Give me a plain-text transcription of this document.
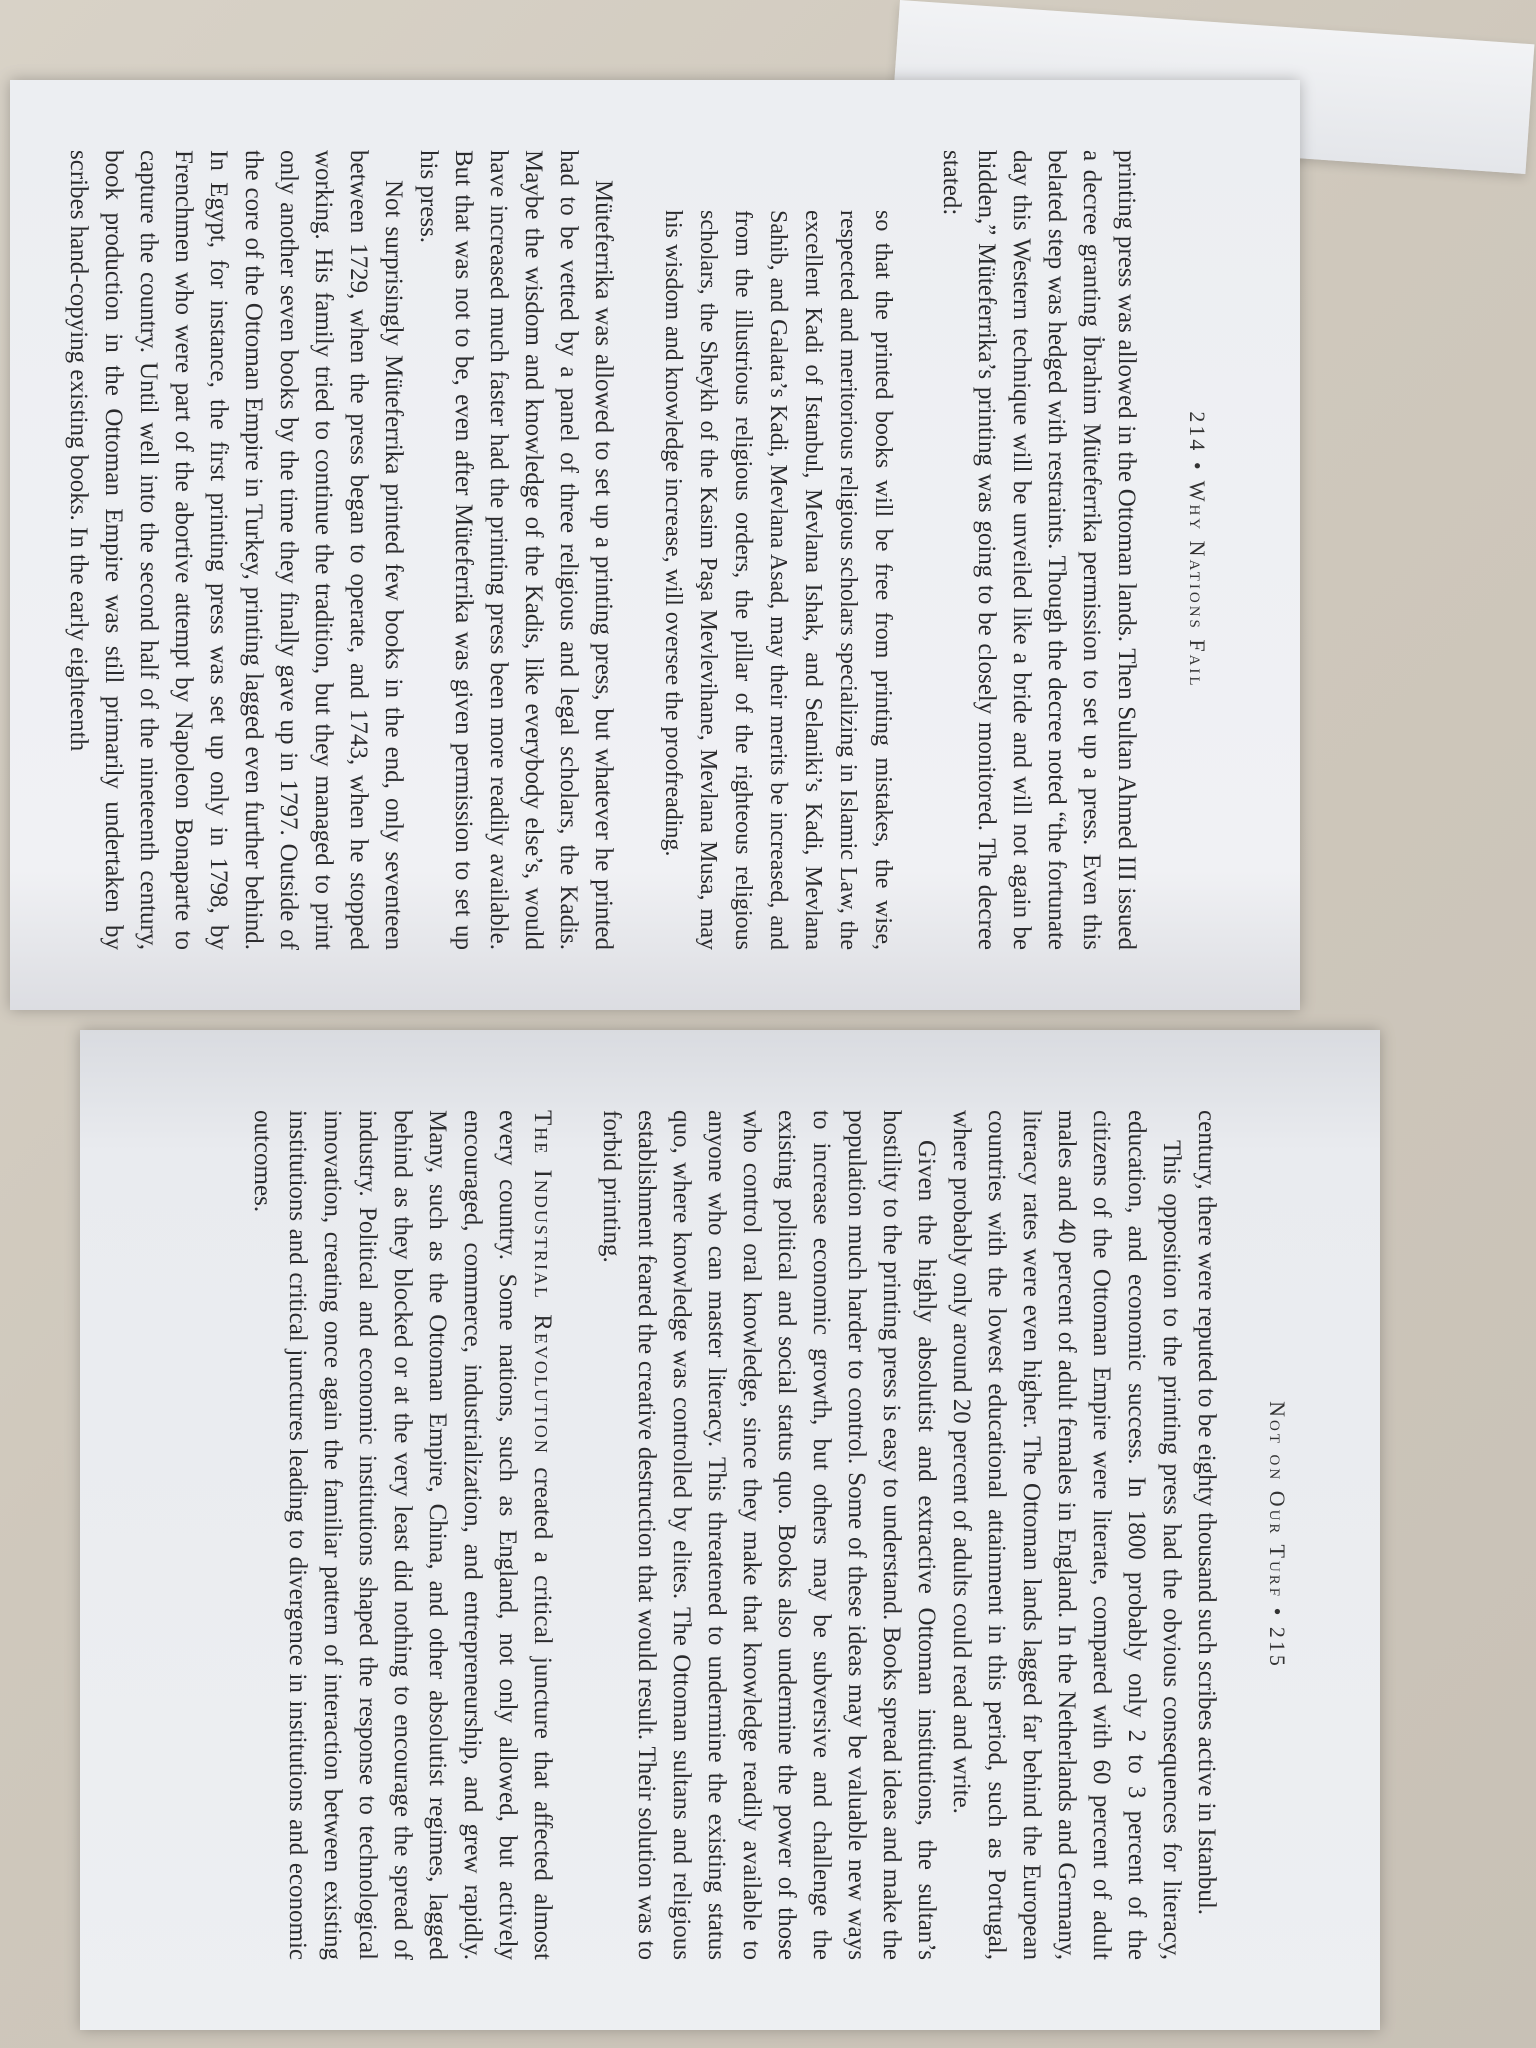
214 • Why Nations Fail

printing press was allowed in the Ottoman lands. Then Sultan Ahmed III issued a decree granting İbrahim Müteferrika permission to set up a press. Even this belated step was hedged with restraints. Though the decree noted “the fortunate day this Western technique will be unveiled like a bride and will not again be hidden,” Müteferrika’s printing was going to be closely monitored. The decree stated:

so that the printed books will be free from printing mistakes, the wise, respected and meritorious religious scholars specializing in Islamic Law, the excellent Kadi of Istanbul, Mevlana Ishak, and Selaniki’s Kadi, Mevlana Sahib, and Galata’s Kadi, Mevlana Asad, may their merits be increased, and from the illustrious religious orders, the pillar of the righteous religious scholars, the Sheykh of the Kasim Paşa Mevlevihane, Mevlana Musa, may his wisdom and knowledge increase, will oversee the proofreading.

Müteferrika was allowed to set up a printing press, but whatever he printed had to be vetted by a panel of three religious and legal scholars, the Kadis. Maybe the wisdom and knowledge of the Kadis, like everybody else’s, would have increased much faster had the printing press been more readily available. But that was not to be, even after Müteferrika was given permission to set up his press.

Not surprisingly Müteferrika printed few books in the end, only seventeen between 1729, when the press began to operate, and 1743, when he stopped working. His family tried to continue the tradition, but they managed to print only another seven books by the time they finally gave up in 1797. Outside of the core of the Ottoman Empire in Turkey, printing lagged even further behind. In Egypt, for instance, the first printing press was set up only in 1798, by Frenchmen who were part of the abortive attempt by Napoleon Bonaparte to capture the country. Until well into the second half of the nineteenth century, book production in the Ottoman Empire was still primarily undertaken by scribes hand-copying existing books. In the early eighteenth

Not on Our Turf • 215

century, there were reputed to be eighty thousand such scribes active in Istanbul.

This opposition to the printing press had the obvious consequences for literacy, education, and economic success. In 1800 probably only 2 to 3 percent of the citizens of the Ottoman Empire were literate, compared with 60 percent of adult males and 40 percent of adult females in England. In the Netherlands and Germany, literacy rates were even higher. The Ottoman lands lagged far behind the European countries with the lowest educational attainment in this period, such as Portugal, where probably only around 20 percent of adults could read and write.

Given the highly absolutist and extractive Ottoman institutions, the sultan’s hostility to the printing press is easy to understand. Books spread ideas and make the population much harder to control. Some of these ideas may be valuable new ways to increase economic growth, but others may be subversive and challenge the existing political and social status quo. Books also undermine the power of those who control oral knowledge, since they make that knowledge readily available to anyone who can master literacy. This threatened to undermine the existing status quo, where knowledge was controlled by elites. The Ottoman sultans and religious establishment feared the creative destruction that would result. Their solution was to forbid printing.

The Industrial Revolution created a critical juncture that affected almost every country. Some nations, such as England, not only allowed, but actively encouraged, commerce, industrialization, and entrepreneurship, and grew rapidly. Many, such as the Ottoman Empire, China, and other absolutist regimes, lagged behind as they blocked or at the very least did nothing to encourage the spread of industry. Political and economic institutions shaped the response to technological innovation, creating once again the familiar pattern of interaction between existing institutions and critical junctures leading to divergence in institutions and economic outcomes.
